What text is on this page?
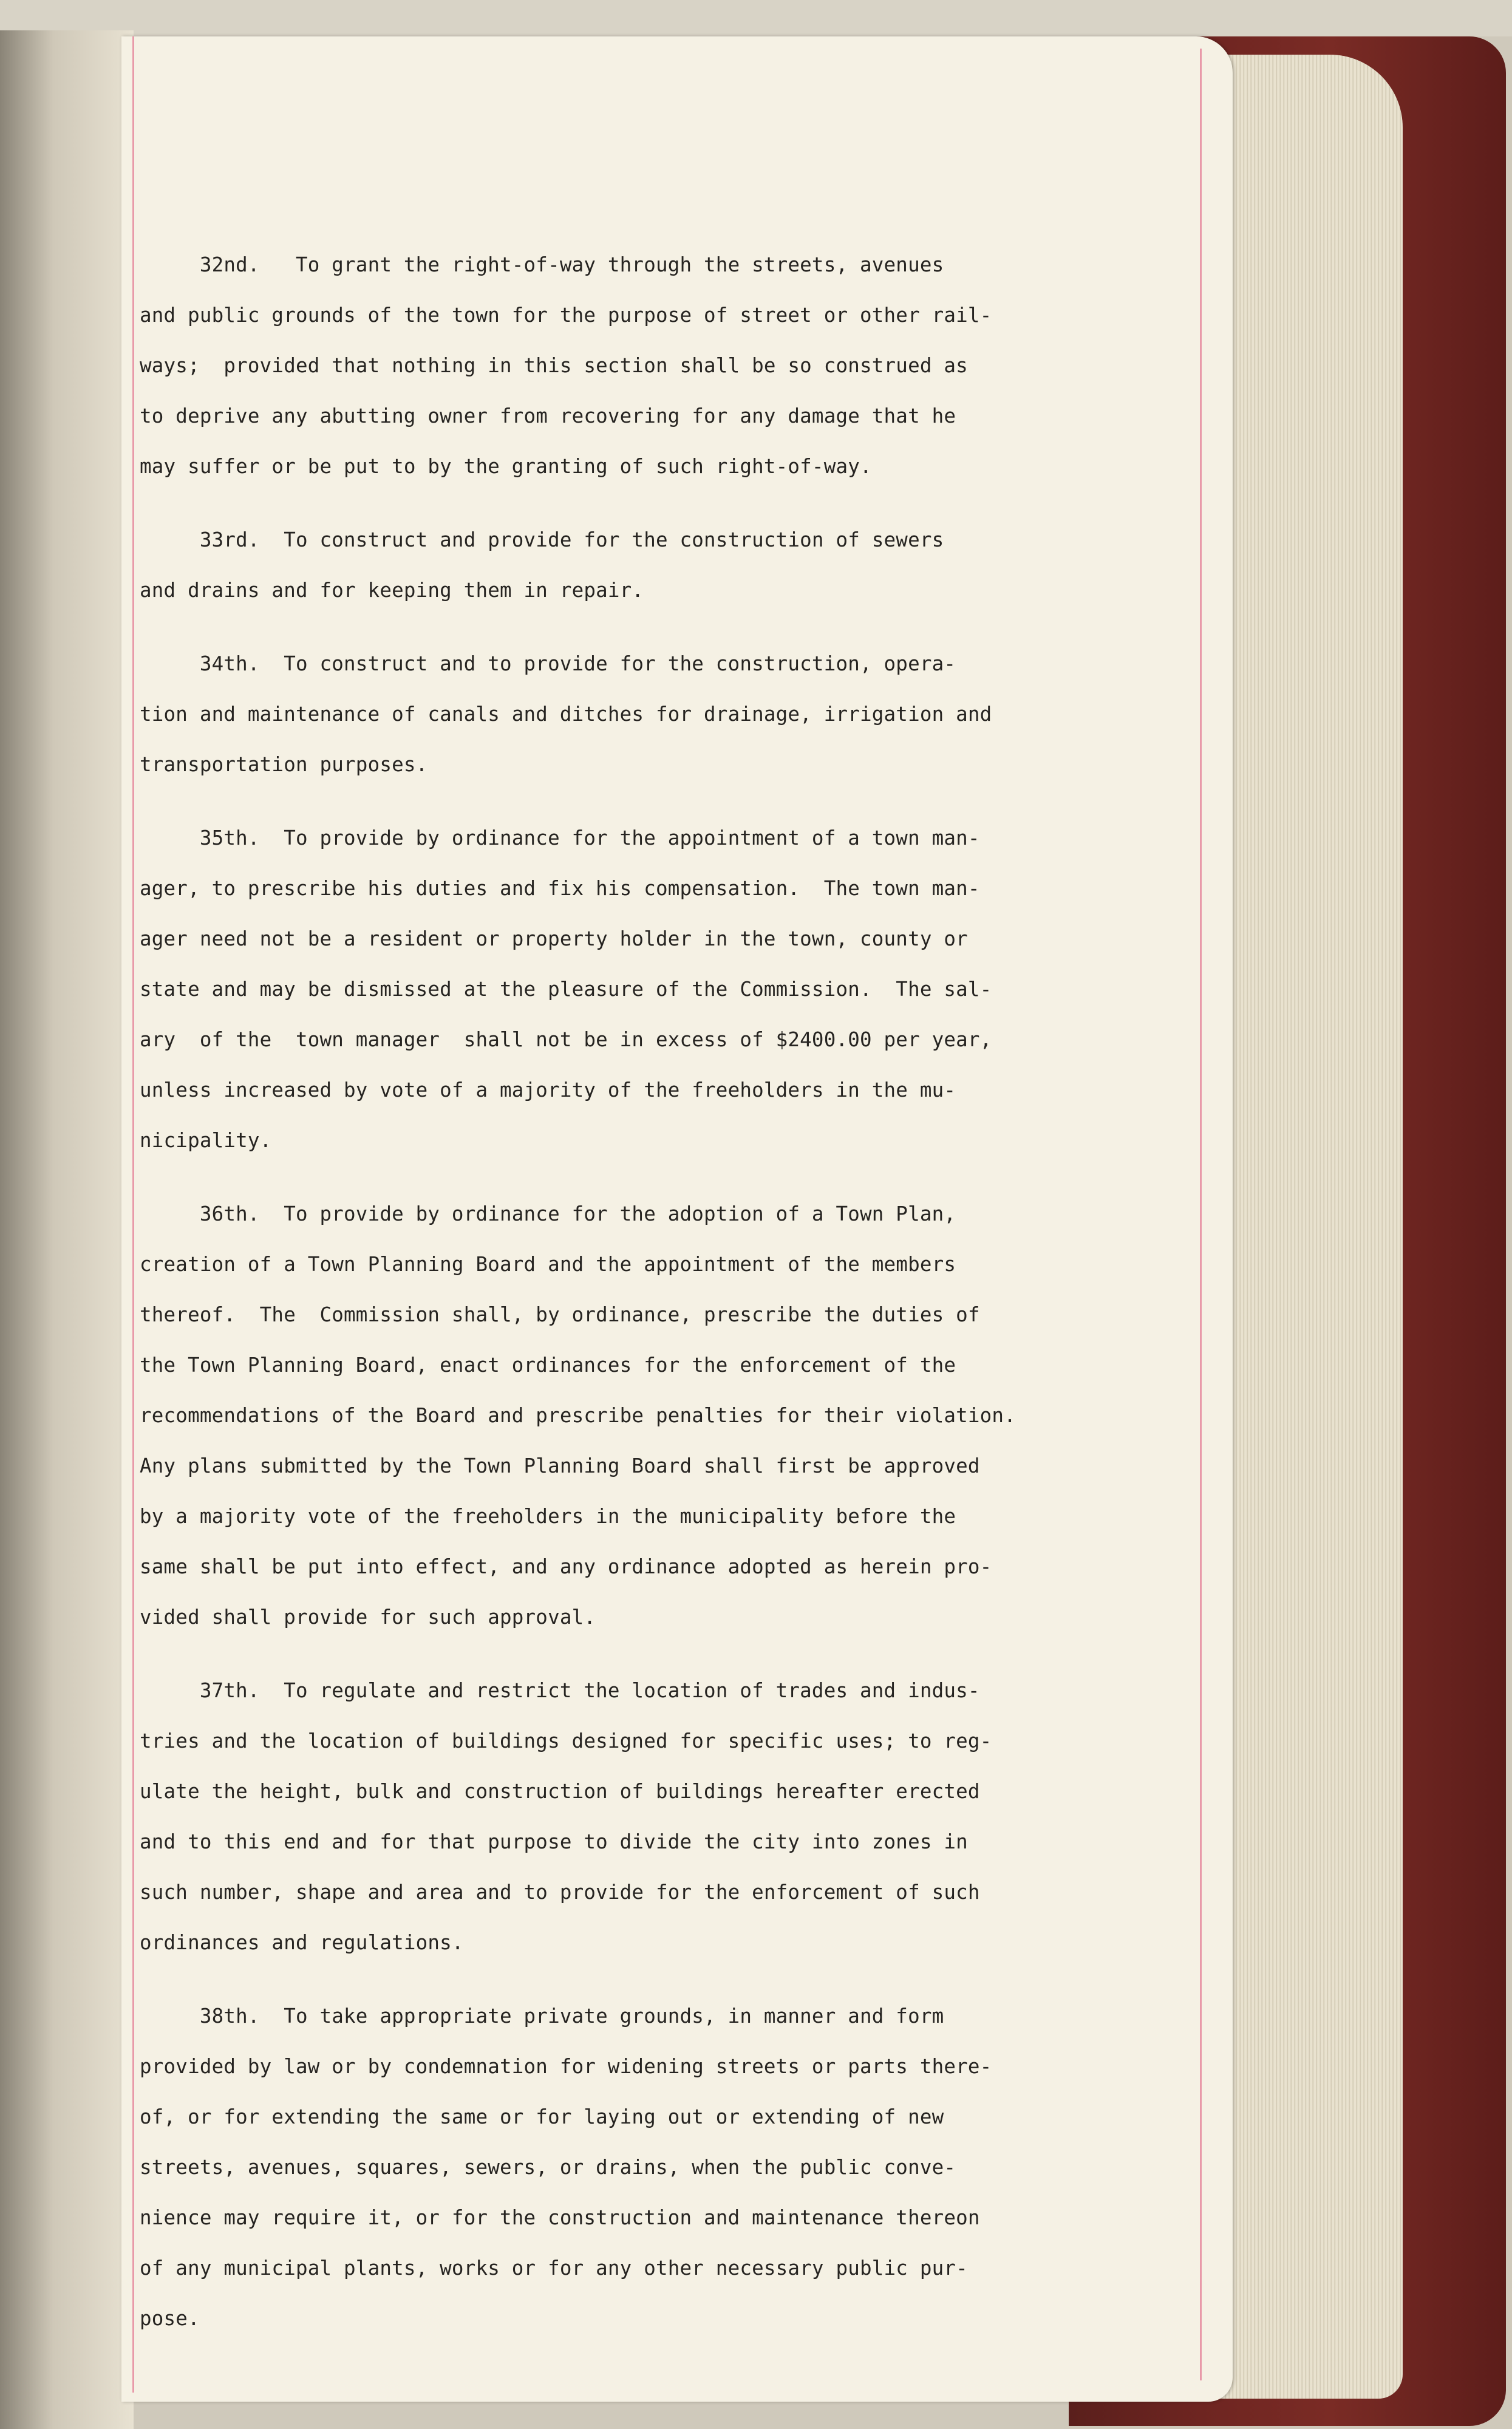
32nd.   To grant the right-of-way through the streets, avenues
and public grounds of the town for the purpose of street or other rail-
ways;  provided that nothing in this section shall be so construed as
to deprive any abutting owner from recovering for any damage that he
may suffer or be put to by the granting of such right-of-way.
33rd.  To construct and provide for the construction of sewers
and drains and for keeping them in repair.
34th.  To construct and to provide for the construction, opera-
tion and maintenance of canals and ditches for drainage, irrigation and
transportation purposes.
35th.  To provide by ordinance for the appointment of a town man-
ager, to prescribe his duties and fix his compensation.  The town man-
ager need not be a resident or property holder in the town, county or
state and may be dismissed at the pleasure of the Commission.  The sal-
ary  of the  town manager  shall not be in excess of $2400.00 per year,
unless increased by vote of a majority of the freeholders in the mu-
nicipality.
36th.  To provide by ordinance for the adoption of a Town Plan,
creation of a Town Planning Board and the appointment of the members
thereof.  The  Commission shall, by ordinance, prescribe the duties of
the Town Planning Board, enact ordinances for the enforcement of the
recommendations of the Board and prescribe penalties for their violation.
Any plans submitted by the Town Planning Board shall first be approved
by a majority vote of the freeholders in the municipality before the
same shall be put into effect, and any ordinance adopted as herein pro-
vided shall provide for such approval.
37th.  To regulate and restrict the location of trades and indus-
tries and the location of buildings designed for specific uses; to reg-
ulate the height, bulk and construction of buildings hereafter erected
and to this end and for that purpose to divide the city into zones in
such number, shape and area and to provide for the enforcement of such
ordinances and regulations.
38th.  To take appropriate private grounds, in manner and form
provided by law or by condemnation for widening streets or parts there-
of, or for extending the same or for laying out or extending of new
streets, avenues, squares, sewers, or drains, when the public conve-
nience may require it, or for the construction and maintenance thereon
of any municipal plants, works or for any other necessary public pur-
pose.
